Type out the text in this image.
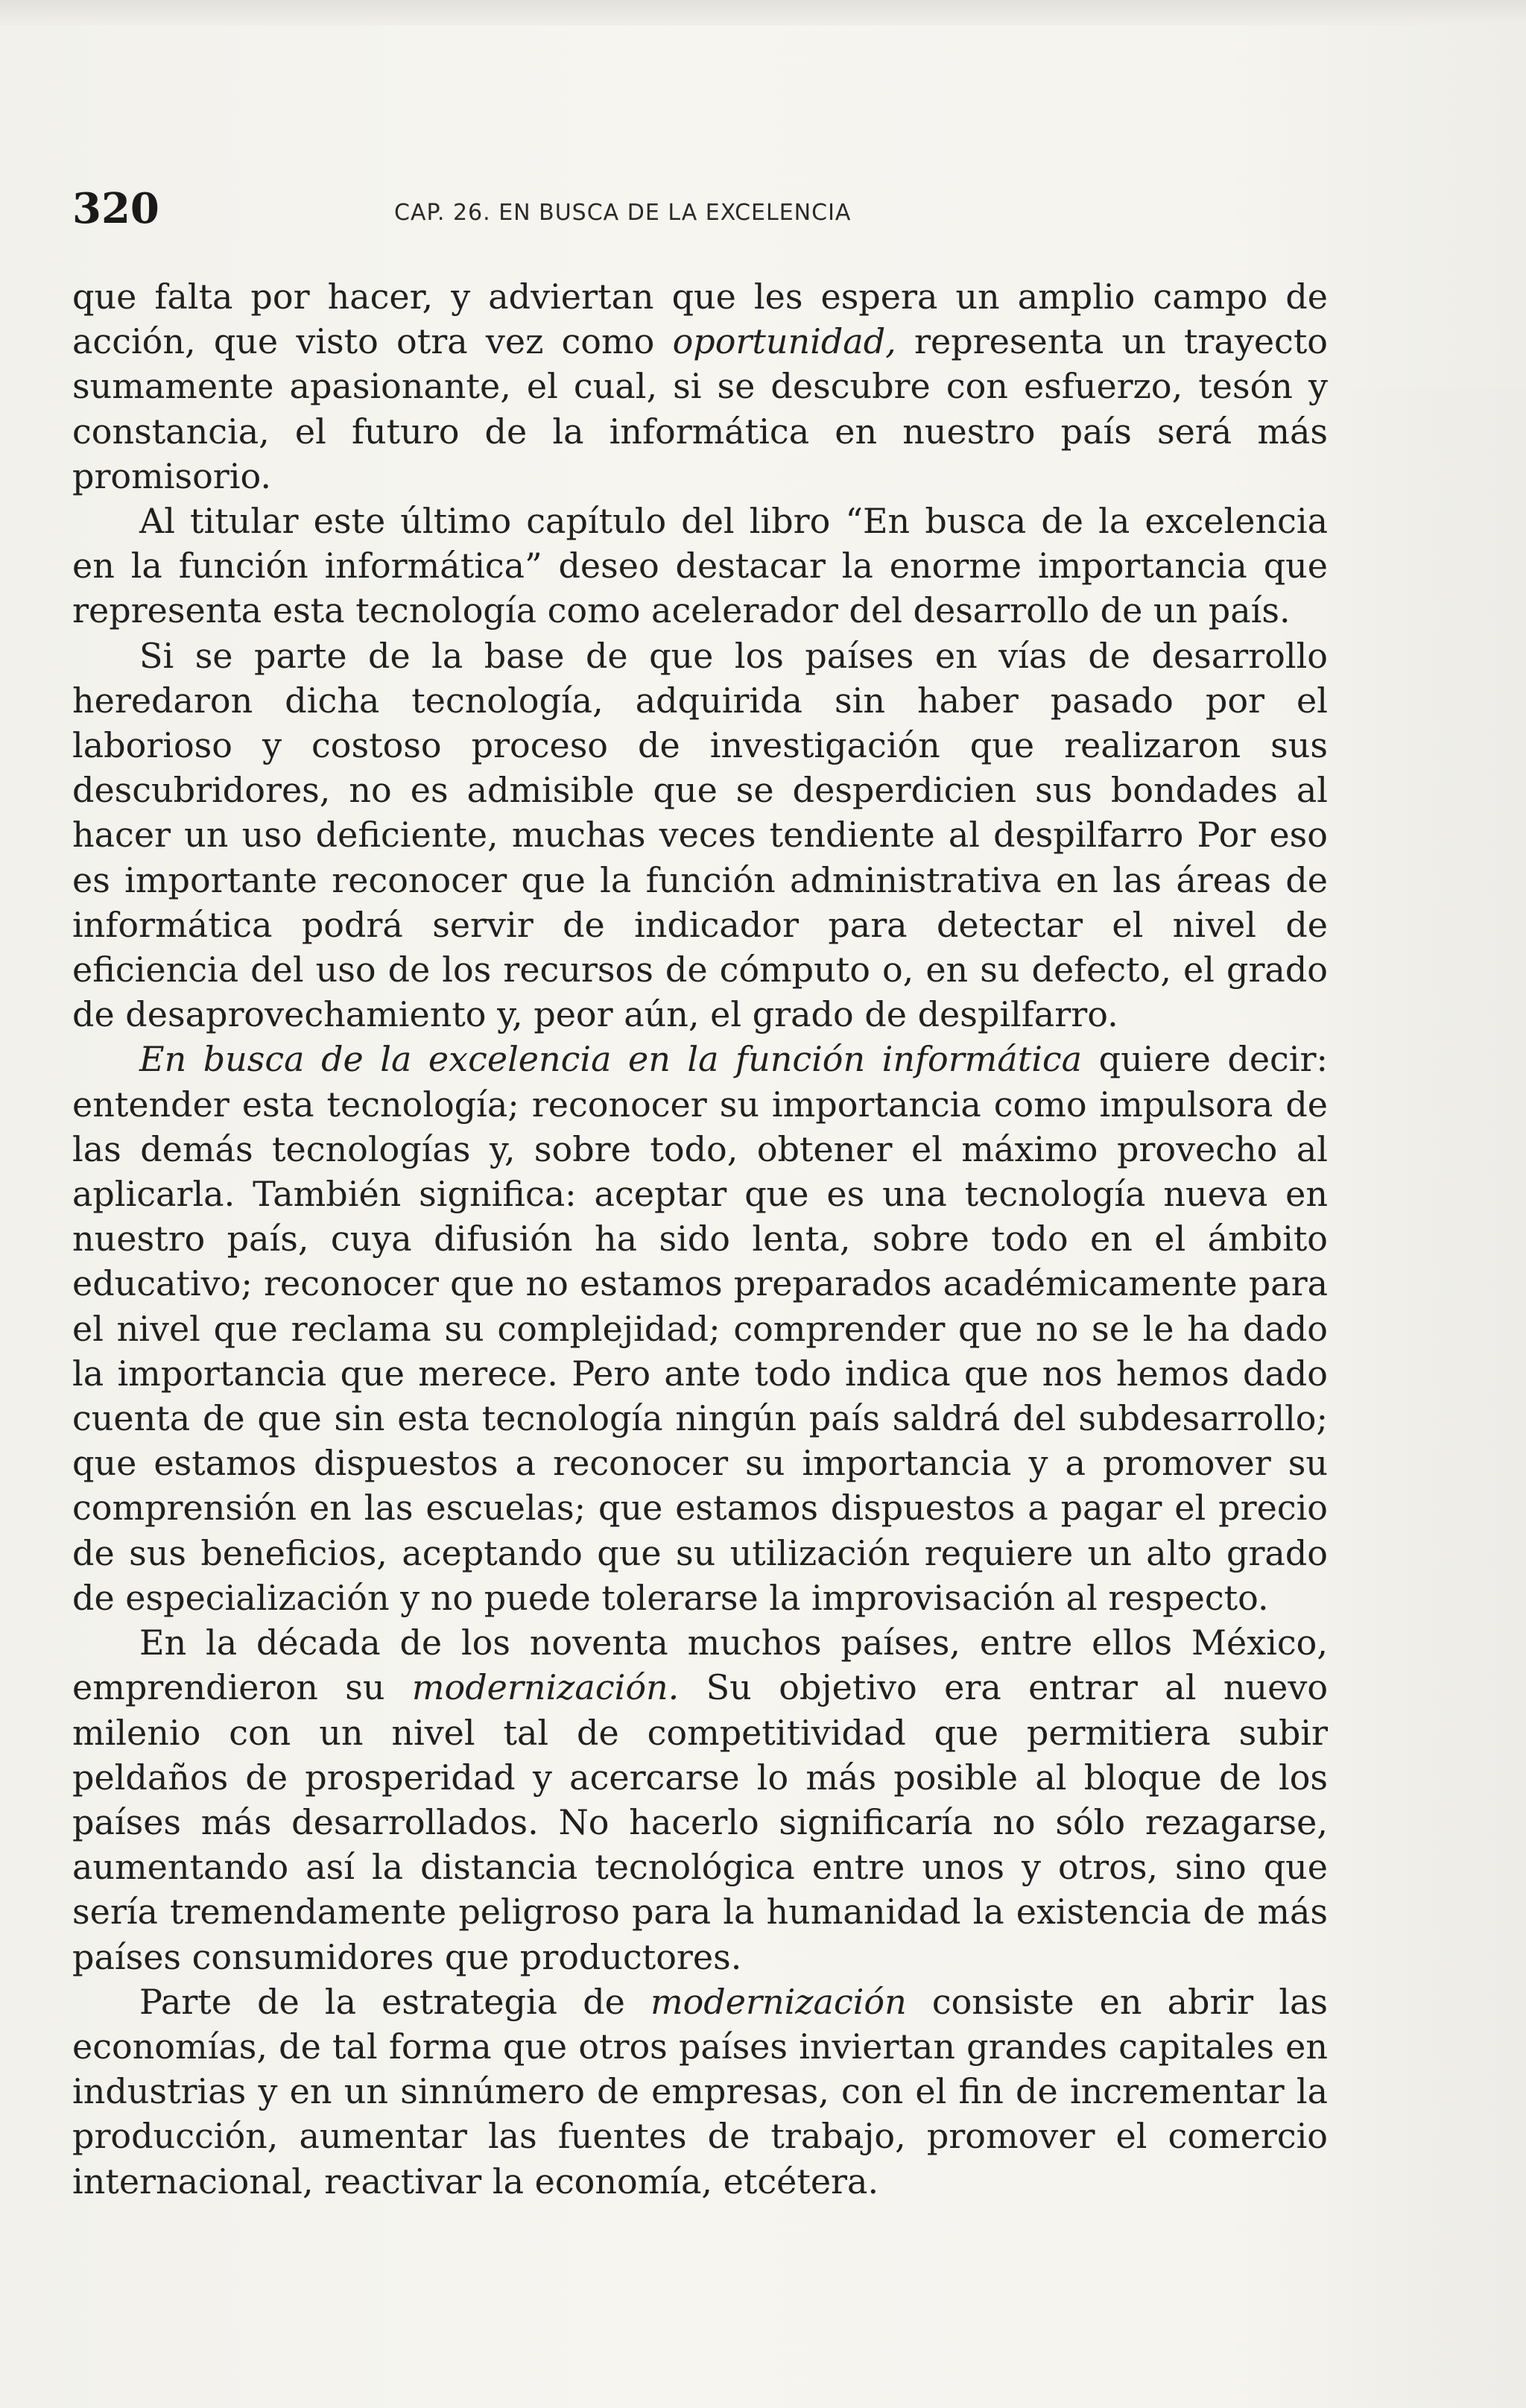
320	CAP. 26. EN BUSCA DE LA EXCELENCIA

que falta por hacer, y adviertan que les espera un amplio campo de acción, que visto otra vez como oportunidad, representa un trayecto sumamente apasionante, el cual, si se descubre con esfuerzo, tesón y constancia, el futuro de la informática en nuestro país será más promisorio.

Al titular este último capítulo del libro “En busca de la excelencia en la función informática” deseo destacar la enorme importancia que representa esta tecnología como acelerador del desarrollo de un país.

Si se parte de la base de que los países en vías de desarrollo heredaron dicha tecnología, adquirida sin haber pasado por el laborioso y costoso proceso de investigación que realizaron sus descubridores, no es admisible que se desperdicien sus bondades al hacer un uso deficiente, muchas veces tendiente al despilfarro Por eso es importante reconocer que la función administrativa en las áreas de informática podrá servir de indicador para detectar el nivel de eficiencia del uso de los recursos de cómputo o, en su defecto, el grado de desaprovechamiento y, peor aún, el grado de despilfarro.

En busca de la excelencia en la función informática quiere decir: entender esta tecnología; reconocer su importancia como impulsora de las demás tecnologías y, sobre todo, obtener el máximo provecho al aplicarla. También significa: aceptar que es una tecnología nueva en nuestro país, cuya difusión ha sido lenta, sobre todo en el ámbito educativo; reconocer que no estamos preparados académicamente para el nivel que reclama su complejidad; comprender que no se le ha dado la importancia que merece. Pero ante todo indica que nos hemos dado cuenta de que sin esta tecnología ningún país saldrá del subdesarrollo; que estamos dispuestos a reconocer su importancia y a promover su comprensión en las escuelas; que estamos dispuestos a pagar el precio de sus beneficios, aceptando que su utilización requiere un alto grado de especialización y no puede tolerarse la improvisación al respecto.

En la década de los noventa muchos países, entre ellos México, emprendieron su modernización. Su objetivo era entrar al nuevo milenio con un nivel tal de competitividad que permitiera subir peldaños de prosperidad y acercarse lo más posible al bloque de los países más desarrollados. No hacerlo significaría no sólo rezagarse, aumentando así la distancia tecnológica entre unos y otros, sino que sería tremendamente peligroso para la humanidad la existencia de más países consumidores que productores.

Parte de la estrategia de modernización consiste en abrir las economías, de tal forma que otros países inviertan grandes capitales en industrias y en un sinnúmero de empresas, con el fin de incrementar la producción, aumentar las fuentes de trabajo, promover el comercio internacional, reactivar la economía, etcétera.
